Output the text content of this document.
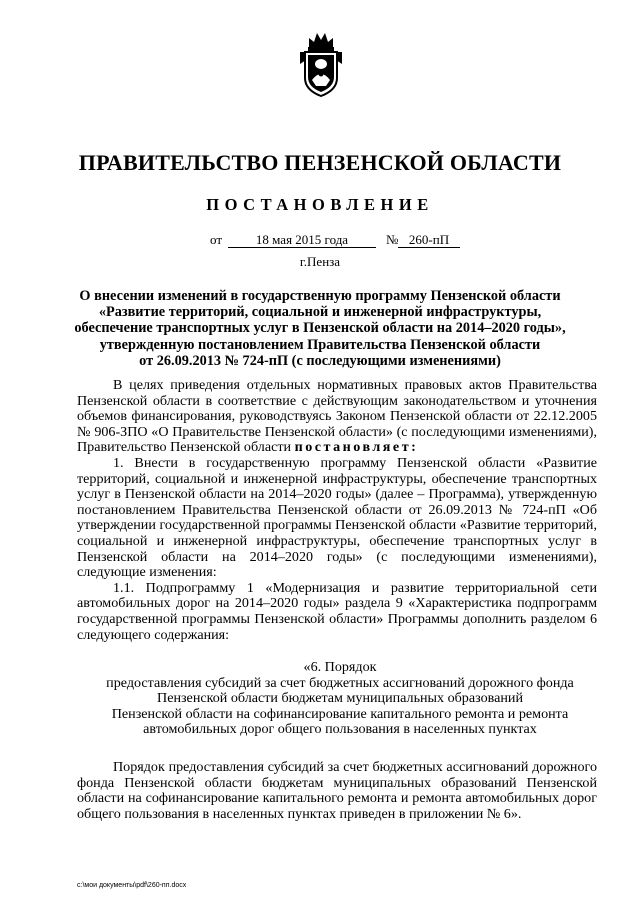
ПРАВИТЕЛЬСТВО ПЕНЗЕНСКОЙ ОБЛАСТИ
ПОСТАНОВЛЕНИЕ
от	18 мая 2015 года	№ 260-пП
г.Пенза
О внесении изменений в государственную программу Пензенской области
«Развитие территорий, социальной и инженерной инфраструктуры,
обеспечение транспортных услуг в Пензенской области на 2014–2020 годы»,
утвержденную постановлением Правительства Пензенской области
от 26.09.2013 № 724-пП (с последующими изменениями)

В целях приведения отдельных нормативных правовых актов Правительства Пензенской области в соответствие с действующим законодательством и уточнения объемов финансирования, руководствуясь Законом Пензенской области от 22.12.2005 № 906-ЗПО «О Правительстве Пензенской области» (с последующими изменениями), Правительство Пензенской области постановляет:

1. Внести в государственную программу Пензенской области «Развитие территорий, социальной и инженерной инфраструктуры, обеспечение транспортных услуг в Пензенской области на 2014–2020 годы» (далее – Программа), утвержденную постановлением Правительства Пензенской области от 26.09.2013 № 724-пП «Об утверждении государственной программы Пензенской области «Развитие территорий, социальной и инженерной инфраструктуры, обеспечение транспортных услуг в Пензенской области на 2014–2020 годы» (с последующими изменениями), следующие изменения:

1.1. Подпрограмму 1 «Модернизация и развитие территориальной сети автомобильных дорог на 2014–2020 годы» раздела 9 «Характеристика подпрограмм государственной программы Пензенской области» Программы дополнить разделом 6 следующего содержания:

«6. Порядок
предоставления субсидий за счет бюджетных ассигнований дорожного фонда
Пензенской области бюджетам муниципальных образований
Пензенской области на софинансирование капитального ремонта и ремонта
автомобильных дорог общего пользования в населенных пунктах

Порядок предоставления субсидий за счет бюджетных ассигнований дорожного фонда Пензенской области бюджетам муниципальных образований Пензенской области на софинансирование капитального ремонта и ремонта автомобильных дорог общего пользования в населенных пунктах приведен в приложении № 6».

c:\мои документы\pdf\260-пп.docx
